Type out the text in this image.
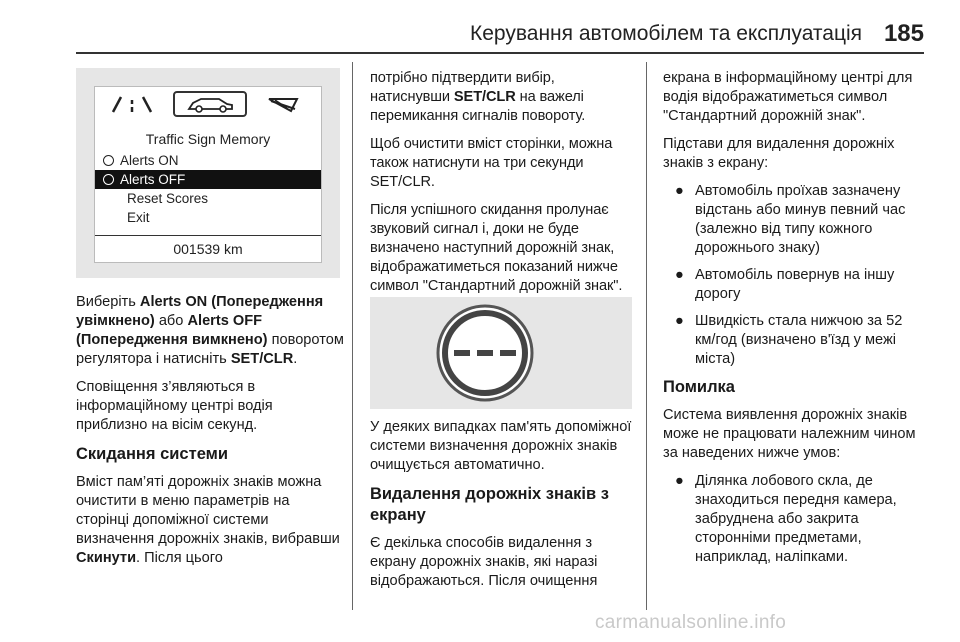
Керування автомобілем та експлуатація 185
Traffic Sign Memory
Alerts ON
Alerts OFF
Reset Scores
Exit
001539 km

Виберіть Alerts ON (Попередження увімкнено) або Alerts OFF (Попередження вимкнено) поворотом регулятора і натисніть SET/CLR.

Сповіщення з’являються в інформаційному центрі водія приблизно на вісім секунд.

Скидання системи

Вміст пам’яті дорожніх знаків можна очистити в меню параметрів на сторінці допоміжної системи визначення дорожніх знаків, вибравши Скинути. Після цього

потрібно підтвердити вибір, натиснувши SET/CLR на важелі перемикання сигналів повороту.

Щоб очистити вміст сторінки, можна також натиснути на три секунди SET/CLR.

Після успішного скидання пролунає звуковий сигнал і, доки не буде визначено наступний дорожній знак, відображатиметься показаний нижче символ "Стандартний дорожній знак".

У деяких випадках пам'ять допоміжної системи визначення дорожніх знаків очищується автоматично.

Видалення дорожніх знаків з екрану

Є декілька способів видалення з екрану дорожніх знаків, які наразі відображаються. Після очищення

екрана в інформаційному центрі для водія відображатиметься символ "Стандартний дорожній знак".

Підстави для видалення дорожніх знаків з екрану:

● Автомобіль проїхав зазначену відстань або минув певний час (залежно від типу кожного дорожнього знаку)
● Автомобіль повернув на іншу дорогу
● Швидкість стала нижчою за 52 км/год (визначено в'їзд у межі міста)
Помилка

Система виявлення дорожніх знаків може не працювати належним чином за наведених нижче умов:

● Ділянка лобового скла, де знаходиться передня камера, забруднена або закрита сторонніми предметами, наприклад, наліпками.
carmanualsonline.info
